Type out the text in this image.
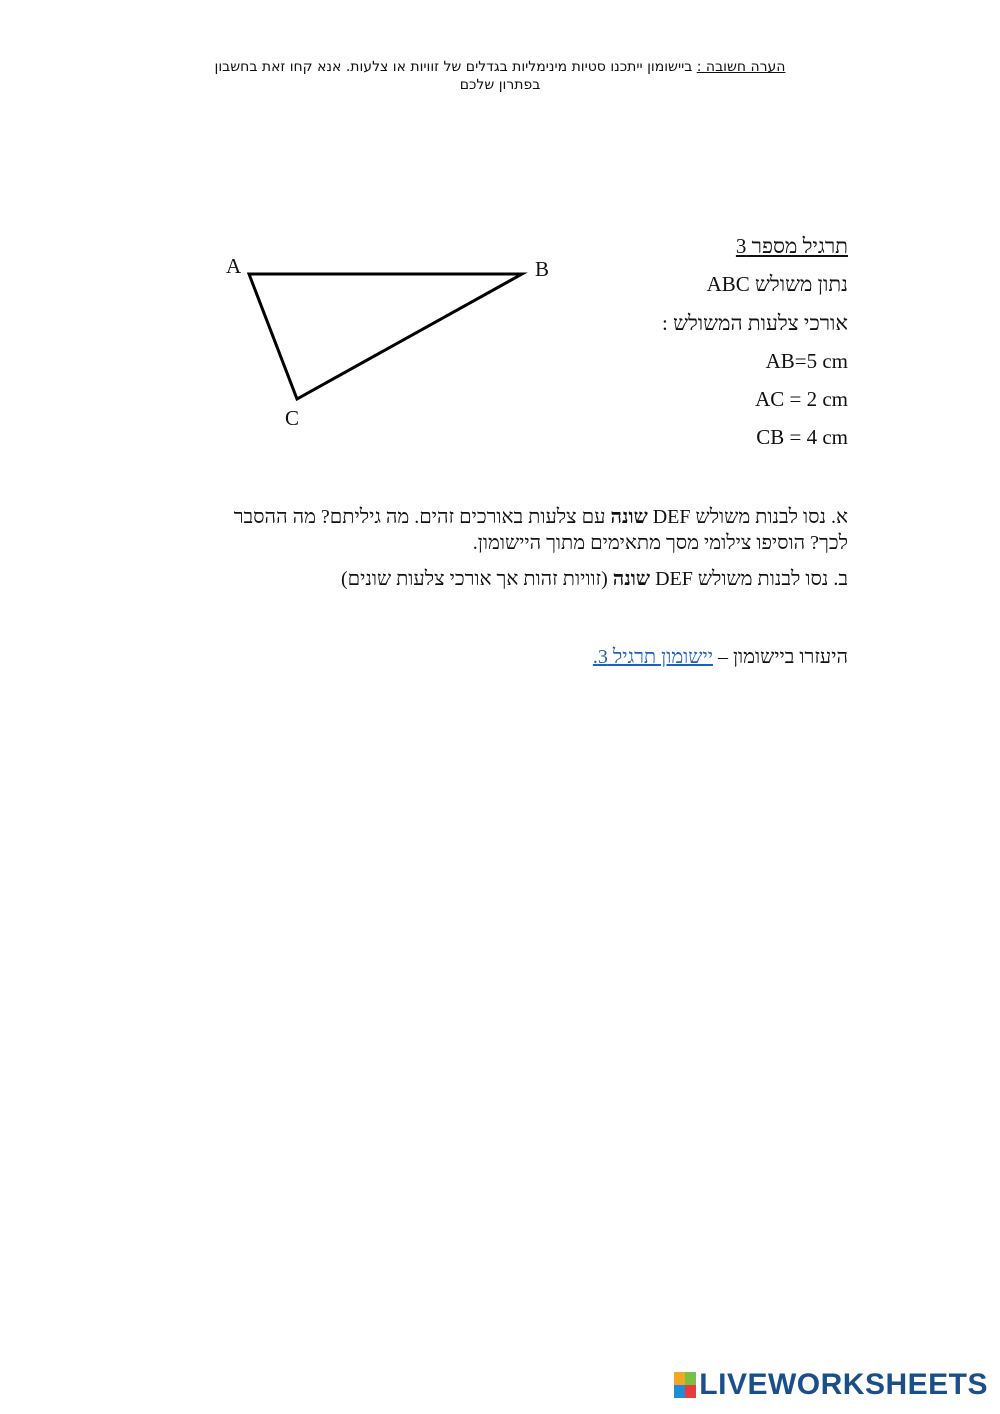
הערה חשובה : ביישומון ייתכנו סטיות מינימליות בגדלים של זוויות או צלעות. אנא קחו זאת בחשבון
בפתרון שלכם
תרגיל מספר 3
נתון משולש ABC
אורכי צלעות המשולש :
AB=5 cm
AC = 2 cm
CB = 4 cm
A	B
C
א. נסו לבנות משולש DEF שונה עם צלעות באורכים זהים. מה גיליתם? מה ההסבר
לכך? הוסיפו צילומי מסך מתאימים מתוך היישומון.
ב. נסו לבנות משולש DEF שונה (זוויות זהות אך אורכי צלעות שונים)
היעזרו ביישומון – יישומון תרגיל 3.
LIVEWORKSHEETS
